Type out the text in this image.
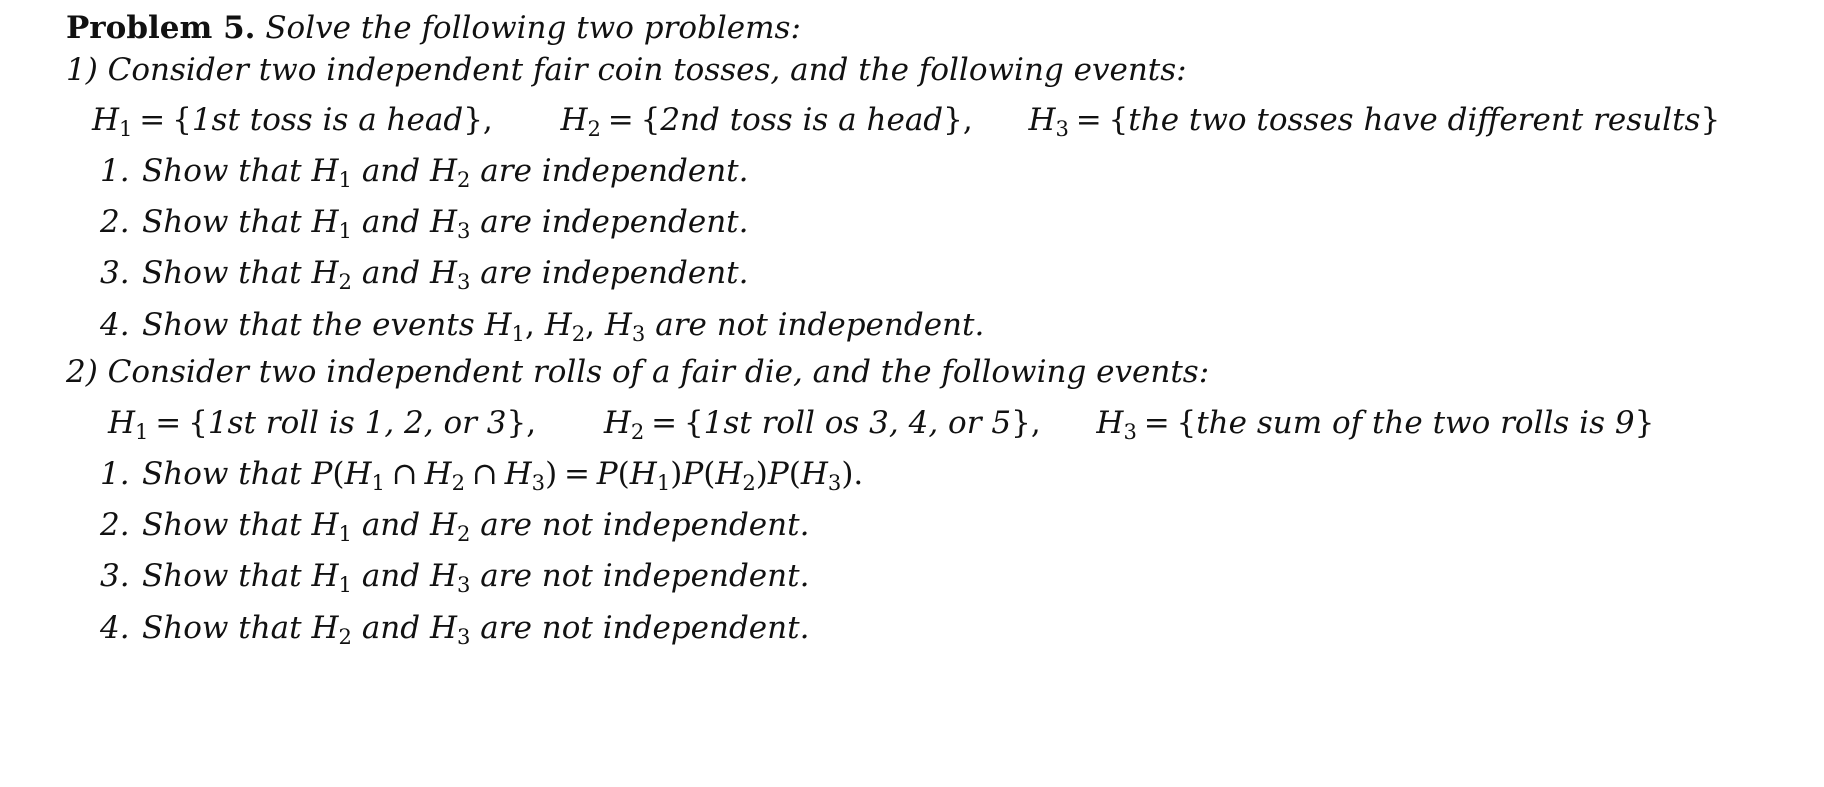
Problem 5. Solve the following two problems:
1) Consider two independent fair coin tosses, and the following events:
$H_1 = \{1st$ toss is a head}, $H_2 = \{2nd$ toss is a head}, $H_3 = \{the$ two tosses have different results}
1. Show that $H_1$ and $H_2$ are independent.
2. Show that $H_1$ and $H_3$ are independent.
3. Show that $H_2$ and $H_3$ are independent.
4. Show that the events $H_1$, $H_2$, $H_3$ are not independent.
2) Consider two independent rolls of a fair die, and the following events:
$H_1 = \{1st$ roll is 1, 2, or 3}, $H_2 = \{1st$ roll os 3, 4, or 5}, $H_3 = \{the$ sum of the two rolls is 9}
1. Show that $P(H_1$ ∩ $H_2$ ∩ $H_3) = P(H_1)P(H_2)P(H_3)$.
2. Show that $H_1$ and $H_2$ are not independent.
3. Show that $H_1$ and $H_3$ are not independent.
4. Show that $H_2$ and $H_3$ are not independent.
